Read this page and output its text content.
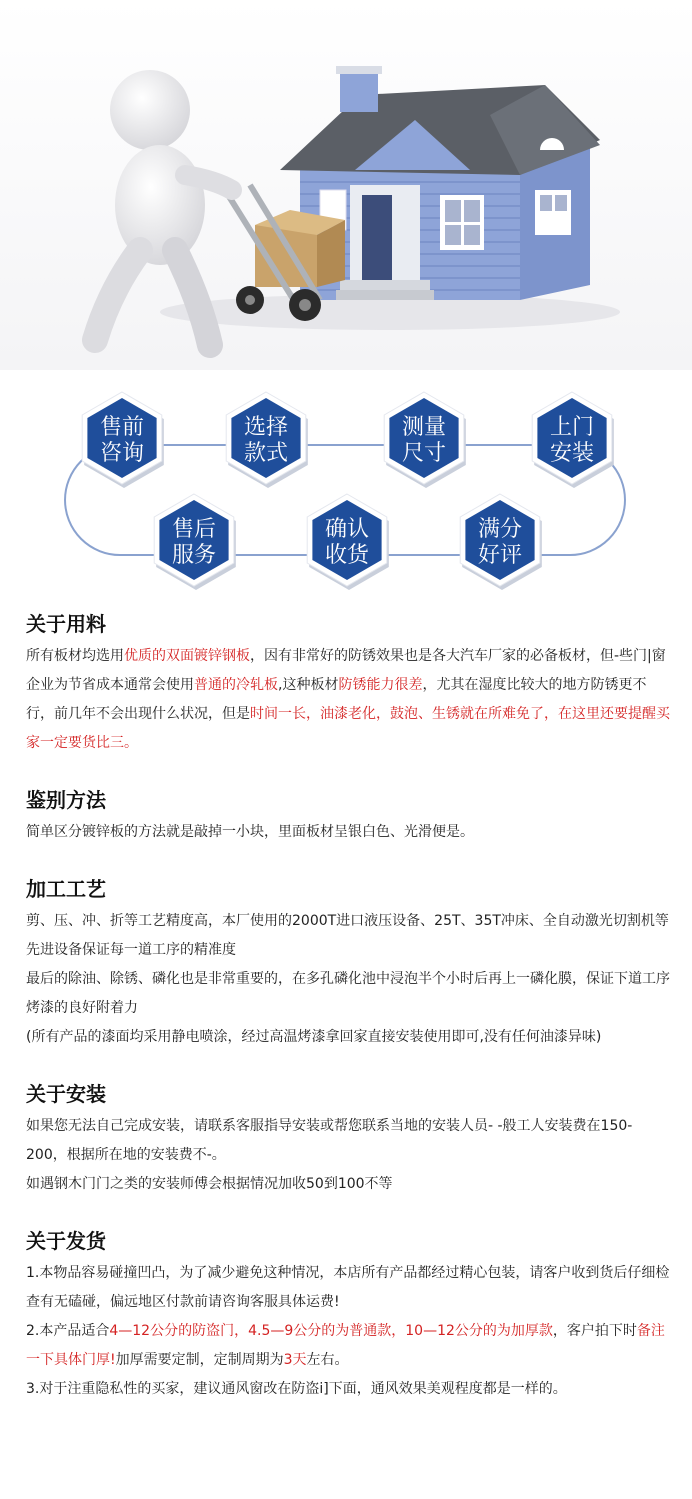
售前
咨询
选择
款式
测量
尺寸
上门
安装
售后
服务
确认
收货
满分
好评
关于用料

所有板材均选用优质的双面镀锌钢板，因有非常好的防锈效果也是各大汽车厂家的必备板材，但-些门|窗企业为节省成本通常会使用普通的冷轧板,这种板材防锈能力很差，尤其在湿度比较大的地方防锈更不行，前几年不会出现什么状况，但是时间一长，油漆老化，鼓泡、生锈就在所难免了，在这里还要提醒买家一定要货比三。

鉴别方法

简单区分镀锌板的方法就是敲掉一小块，里面板材呈银白色、光滑便是。

加工工艺

剪、压、冲、折等工艺精度高，本厂使用的2000T进口液压设备、25T、35T冲床、全自动激光切割机等先进设备保证每一道工序的精准度

最后的除油、除锈、磷化也是非常重要的，在多孔磷化池中浸泡半个小时后再上一磷化膜，保证下道工序烤漆的良好附着力

(所有产品的漆面均采用静电喷涂，经过高温烤漆拿回家直接安装使用即可,没有任何油漆异味)

关于安装

如果您无法自己完成安装，请联系客服指导安装或帮您联系当地的安装人员- -般工人安装费在150-200，根据所在地的安装费不-。

如遇钢木门门之类的安装师傅会根据情况加收50到100不等

关于发货

1.本物品容易碰撞凹凸，为了减少避免这种情况，本店所有产品都经过精心包装，请客户收到货后仔细检查有无磕碰，偏远地区付款前请咨询客服具体运费!

2.本产品适合4—12公分的防盗门，4.5—9公分的为普通款，10—12公分的为加厚款，客户拍下时备注一下具体门厚!加厚需要定制，定制周期为3天左右。

3.对于注重隐私性的买家，建议通风窗改在防盗i]下面，通风效果美观程度都是一样的。
